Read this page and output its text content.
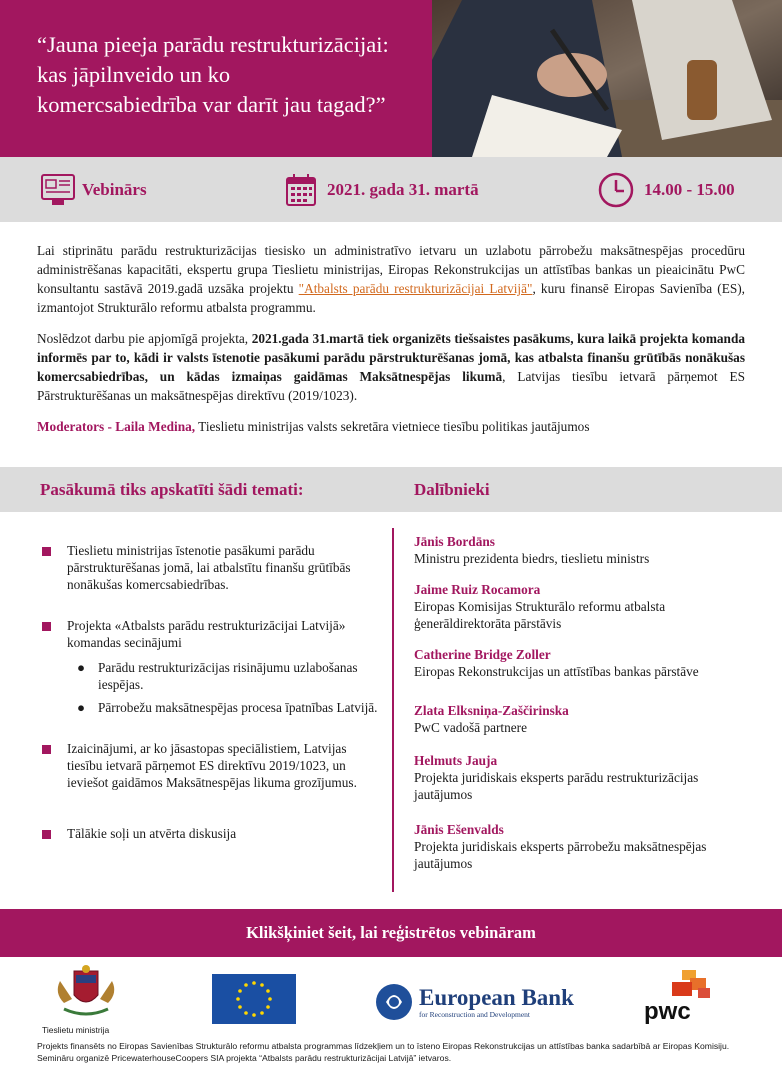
“Jauna pieeja parādu restrukturizācijai:
kas jāpilnveido un ko
komercsabiedrība var darīt jau tagad?”
Vebinārs	2021. gada 31. martā	14.00 - 15.00

Lai stiprinātu parādu restrukturizācijas tiesisko un administratīvo ietvaru un uzlabotu pārrobežu maksātnespējas procedūru administrēšanas kapacitāti, ekspertu grupa Tieslietu ministrijas, Eiropas Rekonstrukcijas un attīstības bankas un pieaicinātu PwC konsultantu sastāvā 2019.gadā uzsāka projektu "Atbalsts parādu restrukturizācijai Latvijā", kuru finansē Eiropas Savienība (ES), izmantojot Strukturālo reformu atbalsta programmu.

Noslēdzot darbu pie apjomīgā projekta, 2021.gada 31.martā tiek organizēts tiešsaistes pasākums, kura laikā projekta komanda informēs par to, kādi ir valsts īstenotie pasākumi parādu pārstrukturēšanas jomā, kas atbalsta finanšu grūtībās nonākušas komercsabiedrības, un kādas izmaiņas gaidāmas Maksātnespējas likumā, Latvijas tiesību ietvarā pārņemot ES Pārstrukturēšanas un maksātnespējas direktīvu (2019/1023).

Moderators - Laila Medina, Tieslietu ministrijas valsts sekretāra vietniece tiesību politikas jautājumos

Pasākumā tiks apskatīti šādi temati:	Dalībnieki
Tieslietu ministrijas īstenotie pasākumi parādu pārstrukturēšanas jomā, lai atbalstītu finanšu grūtībās nonākušas komercsabiedrības.
Projekta «Atbalsts parādu restrukturizācijai Latvijā» komandas secinājumi
● Parādu restrukturizācijas risinājumu uzlabošanas iespējas.
● Pārrobežu maksātnespējas procesa īpatnības Latvijā.
Izaicinājumi, ar ko jāsastopas speciālistiem, Latvijas tiesību ietvarā pārņemot ES direktīvu 2019/1023, un ieviešot gaidāmos Maksātnespējas likuma grozījumus.
Tālākie soļi un atvērta diskusija
Jānis Bordāns
Ministru prezidenta biedrs, tieslietu ministrs
Jaime Ruiz Rocamora
Eiropas Komisijas Strukturālo reformu atbalsta ģenerāldirektorāta pārstāvis
Catherine Bridge Zoller
Eiropas Rekonstrukcijas un attīstības bankas pārstāve
Zlata Elksniņa-Zaščirinska
PwC vadošā partnere
Helmuts Jauja
Projekta juridiskais eksperts parādu restrukturizācijas jautājumos
Jānis Ešenvalds
Projekta juridiskais eksperts pārrobežu maksātnespējas jautājumos
Klikšķiniet šeit, lai reģistrētos vebināram
Tieslietu ministrija
European Bank
for Reconstruction and Development	pwc
Projekts finansēts no Eiropas Savienības Strukturālo reformu atbalsta programmas līdzekļiem un to īsteno Eiropas Rekonstrukcijas un attīstības banka sadarbībā ar Eiropas Komisiju. Semināru organizē PricewaterhouseCoopers SIA projekta “Atbalsts parādu restrukturizācijai Latvijā” ietvaros.
